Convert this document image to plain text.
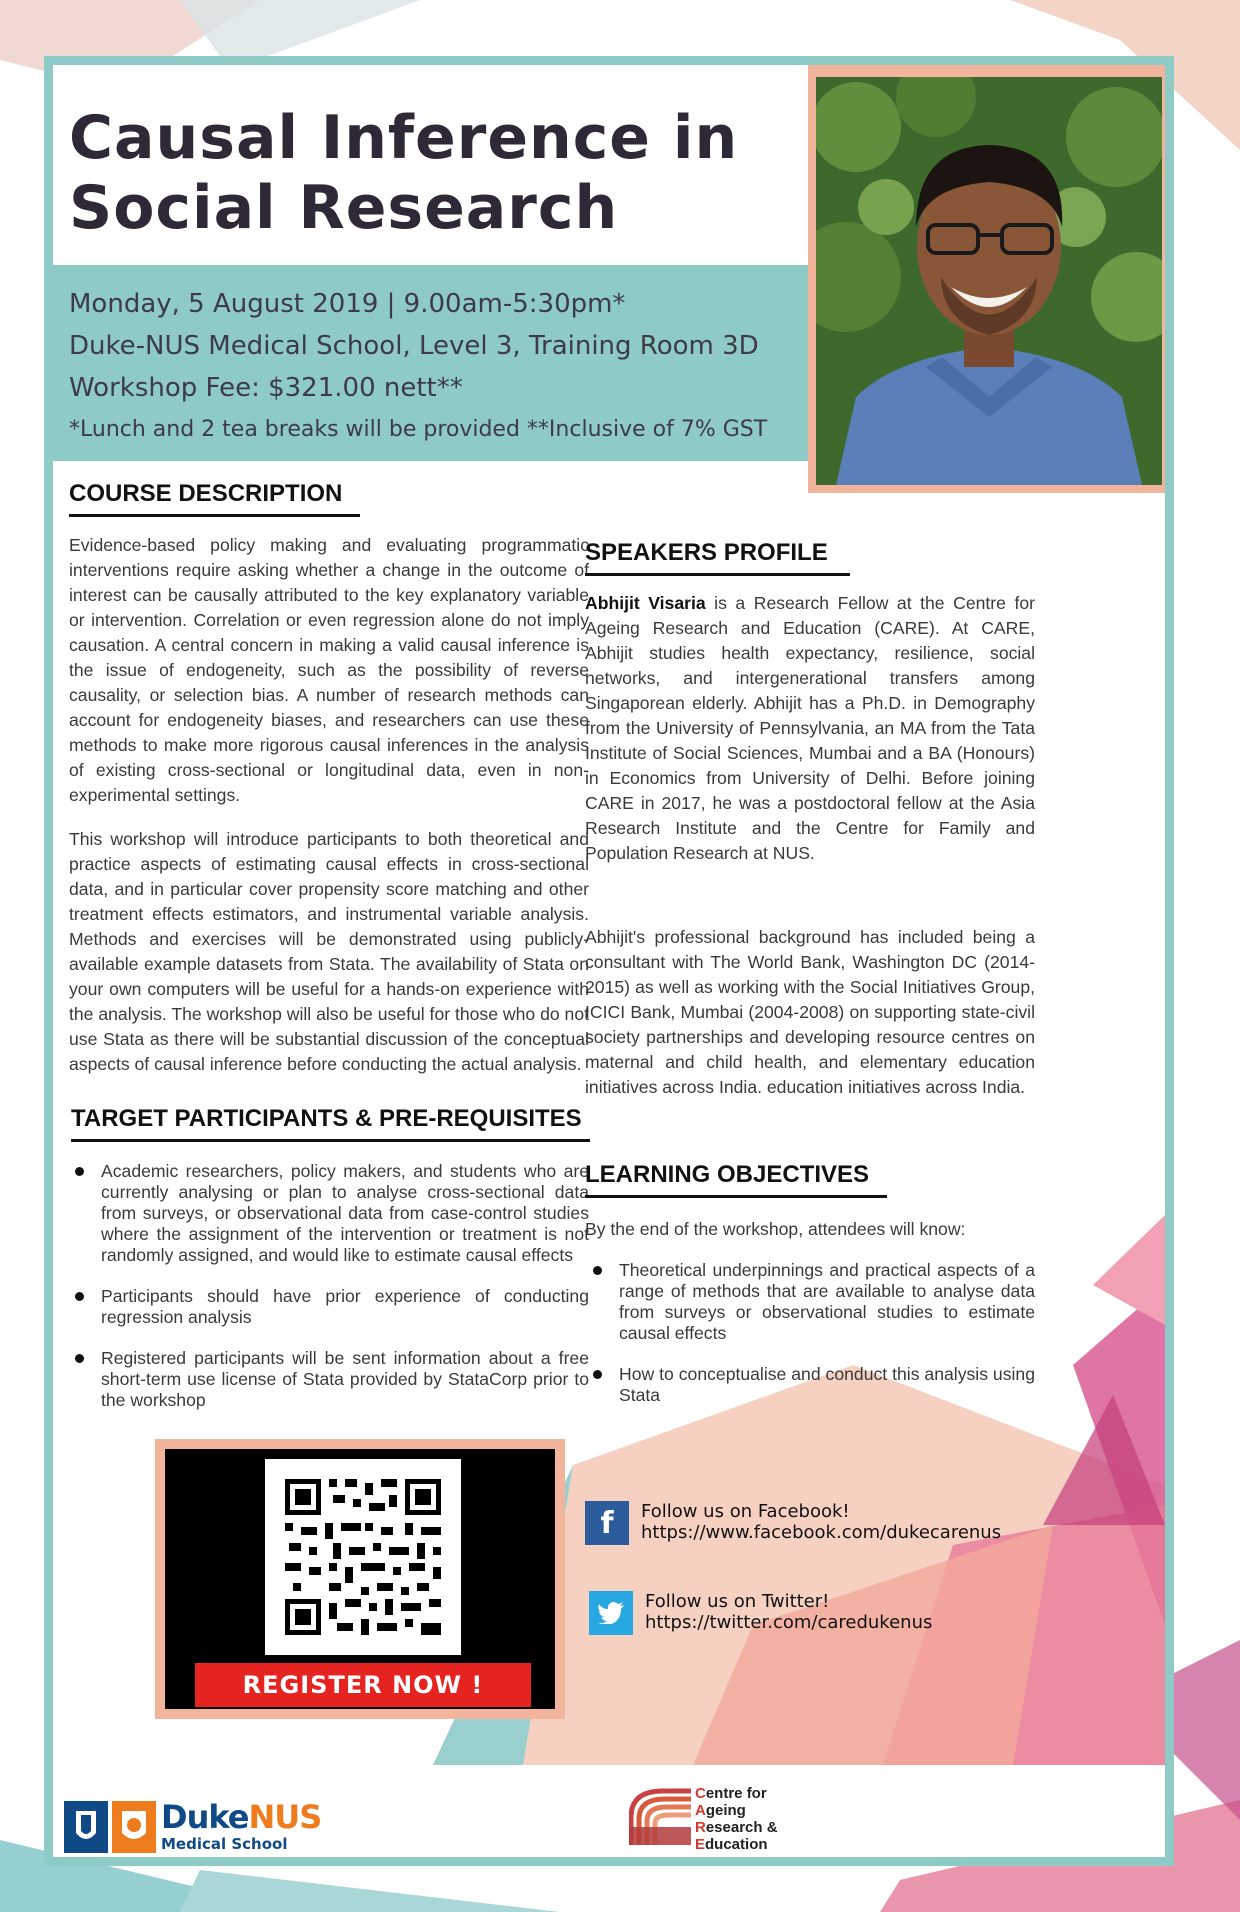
Causal Inference in
Social Research
Monday, 5 August 2019 | 9.00am-5:30pm*
Duke-NUS Medical School, Level 3, Training Room 3D
Workshop Fee: $321.00 nett**
*Lunch and 2 tea breaks will be provided **Inclusive of 7% GST
COURSE DESCRIPTION

Evidence-based policy making and evaluating programmatic interventions require asking whether a change in the outcome of interest can be causally attributed to the key explanatory variable or intervention. Correlation or even regression alone do not imply causation. A central concern in making a valid causal inference is the issue of endogeneity, such as the possibility of reverse causality, or selection bias. A number of research methods can account for endogeneity biases, and researchers can use these methods to make more rigorous causal inferences in the analysis of existing cross-sectional or longitudinal data, even in non-experimental settings.

This workshop will introduce participants to both theoretical and practice aspects of estimating causal effects in cross-sectional data, and in particular cover propensity score matching and other treatment effects estimators, and instrumental variable analysis. Methods and exercises will be demonstrated using publicly-available example datasets from Stata. The availability of Stata on your own computers will be useful for a hands-on experience with the analysis. The workshop will also be useful for those who do not use Stata as there will be substantial discussion of the conceptual aspects of causal inference before conducting the actual analysis.

TARGET PARTICIPANTS & PRE-REQUISITES
Academic researchers, policy makers, and students who are currently analysing or plan to analyse cross-sectional data from surveys, or observational data from case-control studies where the assignment of the intervention or treatment is not randomly assigned, and would like to estimate causal effects
Participants should have prior experience of conducting regression analysis
Registered participants will be sent information about a free short-term use license of Stata provided by StataCorp prior to the workshop
SPEAKERS PROFILE

Abhijit Visaria is a Research Fellow at the Centre for Ageing Research and Education (CARE). At CARE, Abhijit studies health expectancy, resilience, social networks, and intergenerational transfers among Singaporean elderly. Abhijit has a Ph.D. in Demography from the University of Pennsylvania, an MA from the Tata Institute of Social Sciences, Mumbai and a BA (Honours) in Economics from University of Delhi. Before joining CARE in 2017, he was a postdoctoral fellow at the Asia Research Institute and the Centre for Family and Population Research at NUS.

Abhijit's professional background has included being a consultant with The World Bank, Washington DC (2014-2015) as well as working with the Social Initiatives Group, ICICI Bank, Mumbai (2004-2008) on supporting state-civil society partnerships and developing resource centres on maternal and child health, and elementary education initiatives across India. education initiatives across India.

LEARNING OBJECTIVES

By the end of the workshop, attendees will know:

Theoretical underpinnings and practical aspects of a range of methods that are available to analyse data from surveys or observational studies to estimate causal effects
How to conceptualise and conduct this analysis using Stata
REGISTER NOW !
f	Follow us on Facebook!
https://www.facebook.com/dukecarenus
Follow us on Twitter!
https://twitter.com/caredukenus
DukeNUS
Medical School
Centre for
Ageing
Research &
Education
